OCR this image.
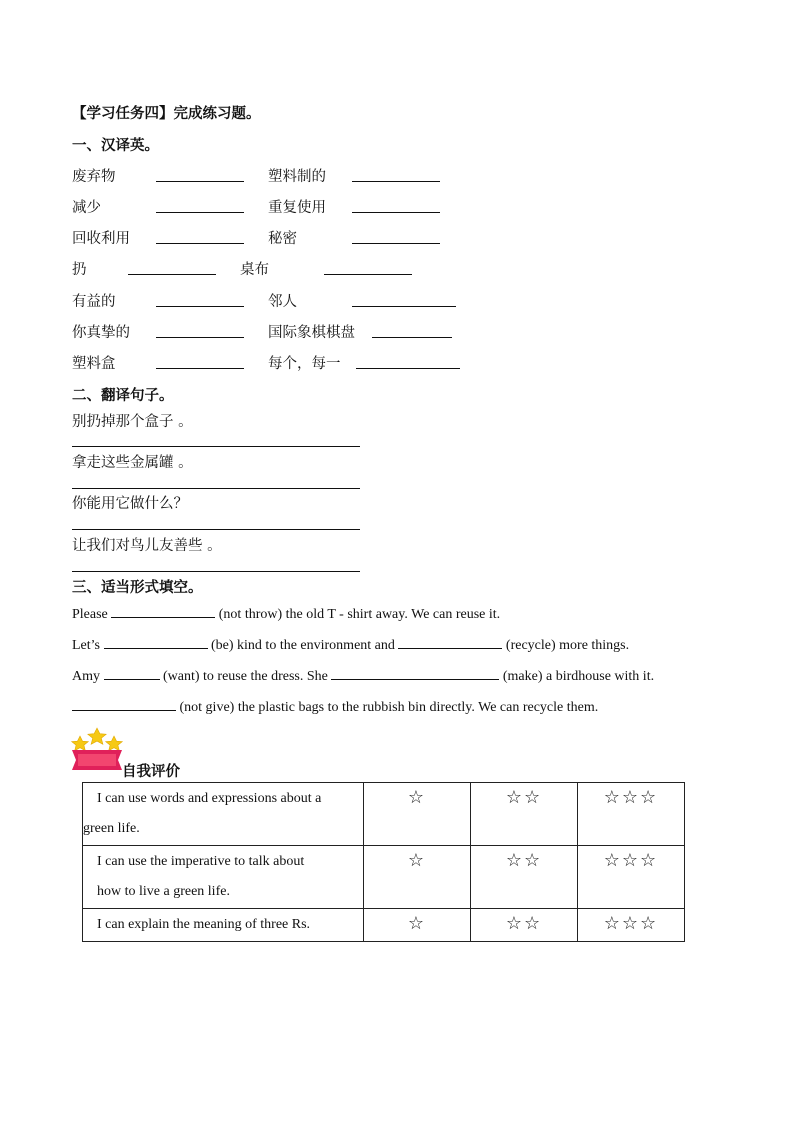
【学习任务四】完成练习题。
一、汉译英。
废弃物	塑料制的
减少	重复使用
回收利用	秘密
扔	桌布
有益的	邻人
你真挚的	国际象棋棋盘
塑料盒	每个，每一
二、翻译句子。
别扔掉那个盒子 。
拿走这些金属罐 。
你能用它做什么？
让我们对鸟儿友善些 。
三、适当形式填空。
Please	(not throw) the old T - shirt away. We can reuse it.
Let’s	(be) kind to the environment and	(recycle) more things.
Amy	(want) to reuse the dress. She	(make) a birdhouse with it.
(not give) the plastic bags to the rubbish bin directly. We can recycle them.
自我评价
I can use words and expressions about a
green life.	☆	☆☆	☆☆☆

I can use the imperative to talk about
how to live a green life.	☆	☆☆	☆☆☆

I can explain the meaning of three Rs.	☆	☆☆	☆☆☆
